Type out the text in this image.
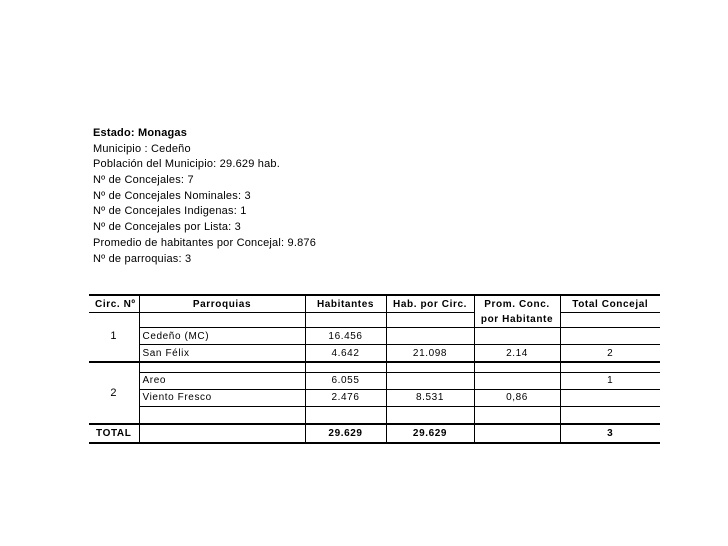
Estado: Monagas
Municipio : Cedeño
Población del Municipio: 29.629 hab.
Nº de Concejales: 7
Nº de Concejales Nominales: 3
Nº de Concejales Indigenas: 1
Nº de Concejales por Lista: 3
Promedio de habitantes por Concejal: 9.876
Nº de parroquias: 3
Circ. Nº	Parroquias	Habitantes	Hab. por Circ.	Prom. Conc.	Total Concejal
				por Habitante	
1	Cedeño (MC)	16.456			
	San Félix	4.642	21.098	2.14	2
2					
	Areo	6.055			1
	Viento Fresco	2.476	8.531	0,86	

TOTAL		29.629	29.629		3
